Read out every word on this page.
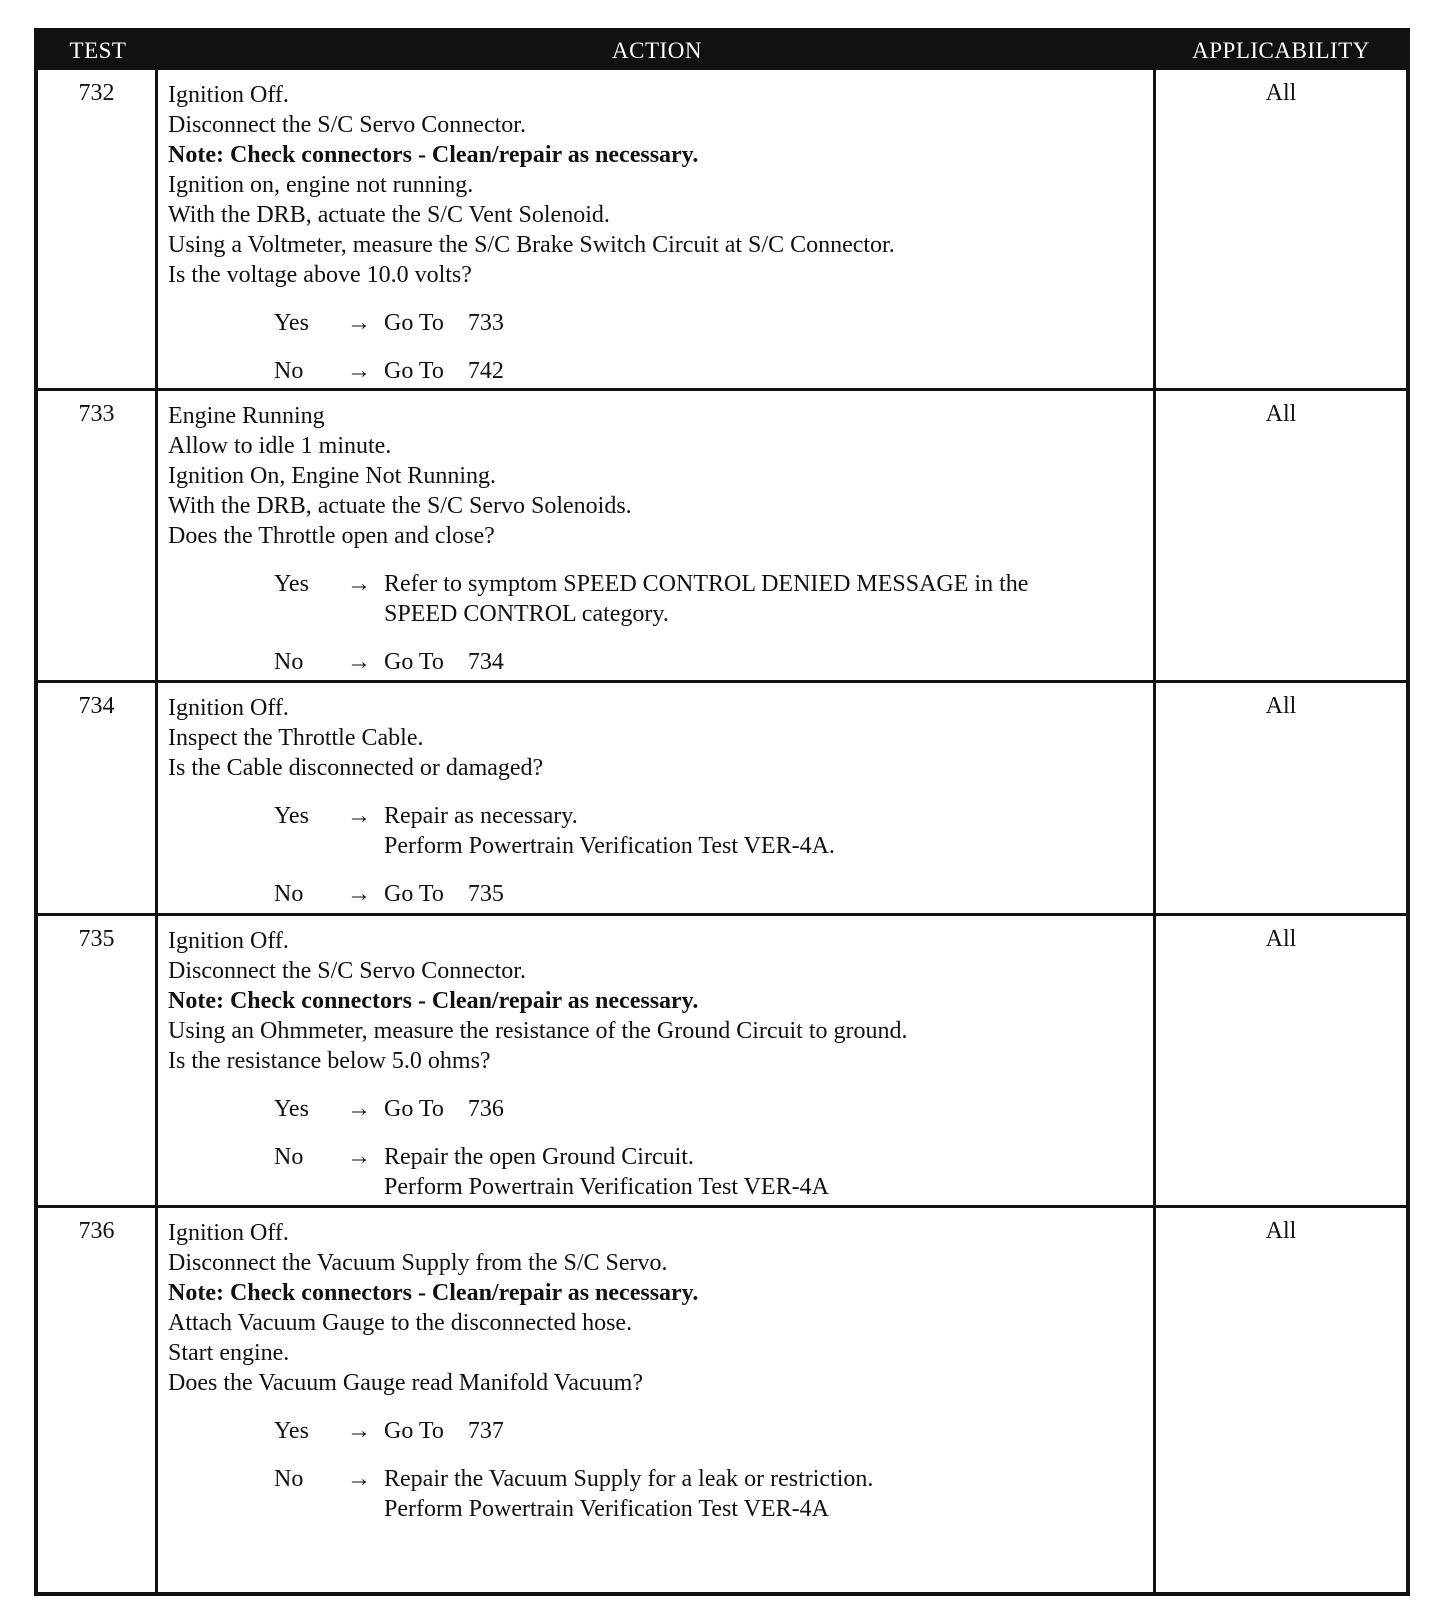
TEST	ACTION	APPLICABILITY
732	Ignition Off.
Disconnect the S/C Servo Connector.
Note: Check connectors - Clean/repair as necessary.
Ignition on, engine not running.
With the DRB, actuate the S/C Vent Solenoid.
Using a Voltmeter, measure the S/C Brake Switch Circuit at S/C Connector.
Is the voltage above 10.0 volts?
Yes	→ Go To 733
No	→ Go To 742
All
733	Engine Running
Allow to idle 1 minute.
Ignition On, Engine Not Running.
With the DRB, actuate the S/C Servo Solenoids.
Does the Throttle open and close?
Yes	→ Refer to symptom SPEED CONTROL DENIED MESSAGE in the
SPEED CONTROL category.
No	→ Go To 734
All
734	Ignition Off.
Inspect the Throttle Cable.
Is the Cable disconnected or damaged?
Yes	→ Repair as necessary.
Perform Powertrain Verification Test VER-4A.
No	→ Go To 735
All
735	Ignition Off.
Disconnect the S/C Servo Connector.
Note: Check connectors - Clean/repair as necessary.
Using an Ohmmeter, measure the resistance of the Ground Circuit to ground.
Is the resistance below 5.0 ohms?
Yes	→ Go To 736
No	→ Repair the open Ground Circuit.
Perform Powertrain Verification Test VER-4A
All
736	Ignition Off.
Disconnect the Vacuum Supply from the S/C Servo.
Note: Check connectors - Clean/repair as necessary.
Attach Vacuum Gauge to the disconnected hose.
Start engine.
Does the Vacuum Gauge read Manifold Vacuum?
Yes	→ Go To 737
No	→ Repair the Vacuum Supply for a leak or restriction.
Perform Powertrain Verification Test VER-4A
All
